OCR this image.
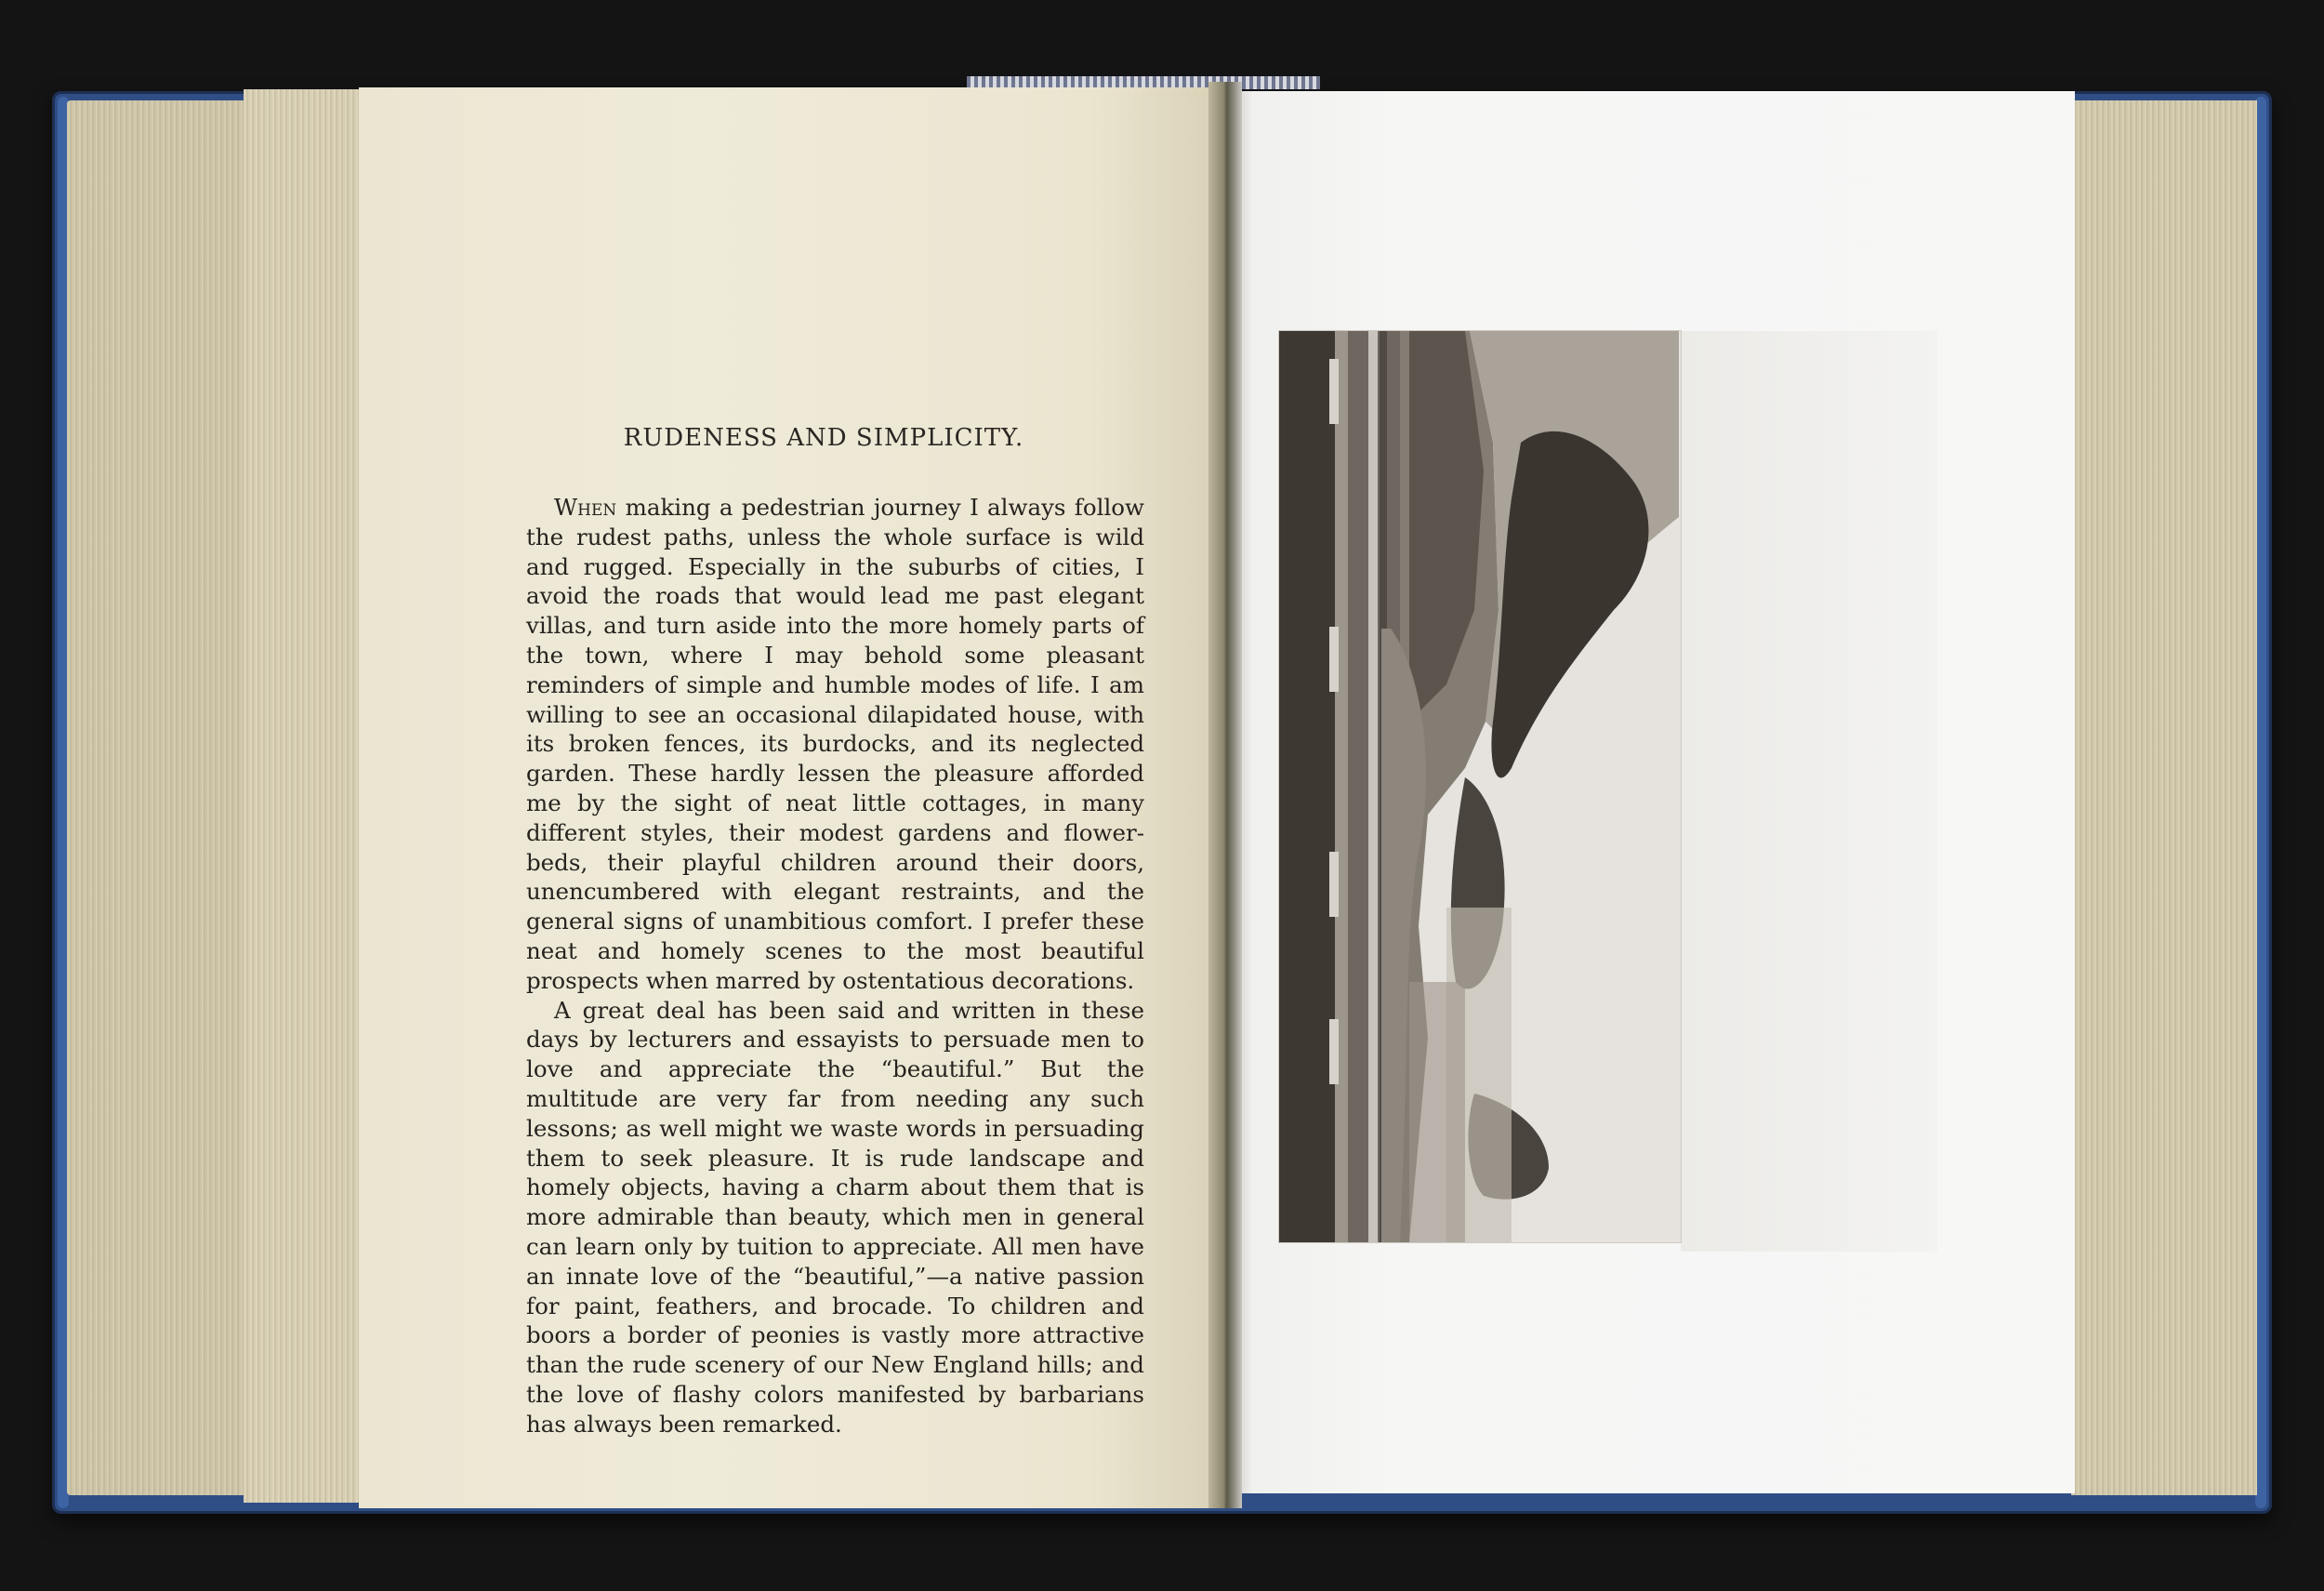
RUDENESS AND SIMPLICITY.

When making a pedestrian journey I always follow the rudest paths, unless the whole surface is wild and rugged. Especially in the suburbs of cities, I avoid the roads that would lead me past elegant villas, and turn aside into the more homely parts of the town, where I may behold some pleasant reminders of simple and humble modes of life. I am willing to see an occasional dilapidated house, with its broken fences, its burdocks, and its neglected garden. These hardly lessen the pleasure afforded me by the sight of neat little cottages, in many different styles, their modest gardens and flower-beds, their playful children around their doors, unencumbered with elegant restraints, and the general signs of unambitious comfort. I prefer these neat and homely scenes to the most beautiful prospects when marred by ostentatious decorations.

A great deal has been said and written in these days by lecturers and essayists to persuade men to love and appreciate the “beautiful.” But the multitude are very far from needing any such lessons; as well might we waste words in persuading them to seek pleasure. It is rude landscape and homely objects, having a charm about them that is more admirable than beauty, which men in general can learn only by tuition to appreciate. All men have an innate love of the “beautiful,”—a native passion for paint, feathers, and brocade. To children and boors a border of peonies is vastly more attractive than the rude scenery of our New England hills; and the love of flashy colors manifested by barbarians has always been remarked.
